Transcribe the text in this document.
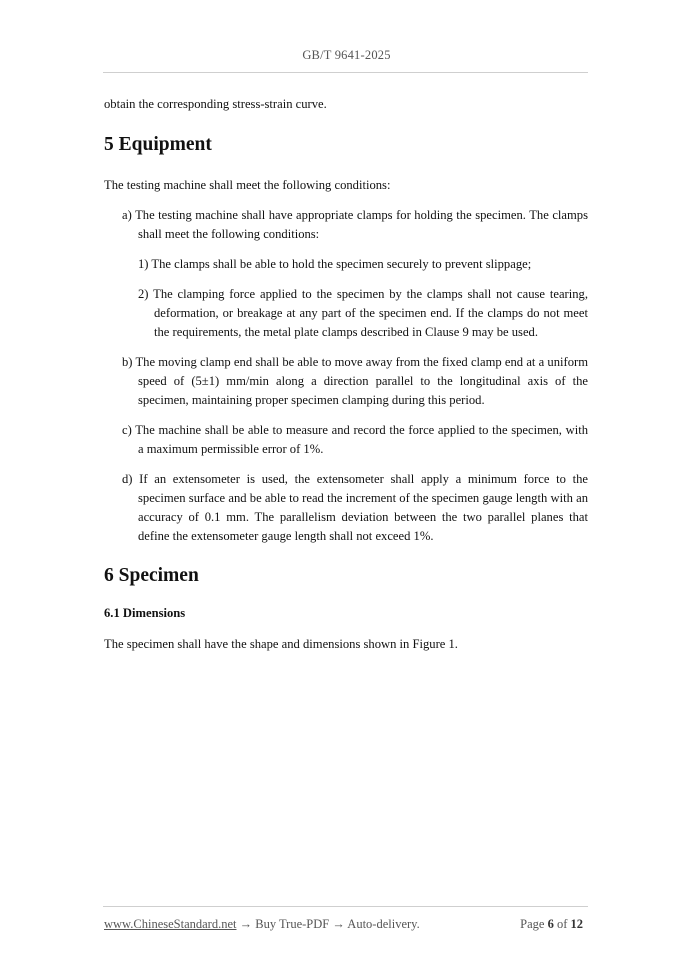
GB/T 9641-2025

obtain the corresponding stress-strain curve.

5 Equipment

The testing machine shall meet the following conditions:

a) The testing machine shall have appropriate clamps for holding the specimen. The clamps shall meet the following conditions:
1) The clamps shall be able to hold the specimen securely to prevent slippage;
2) The clamping force applied to the specimen by the clamps shall not cause tearing, deformation, or breakage at any part of the specimen end. If the clamps do not meet the requirements, the metal plate clamps described in Clause 9 may be used.
b) The moving clamp end shall be able to move away from the fixed clamp end at a uniform speed of (5±1) mm/min along a direction parallel to the longitudinal axis of the specimen, maintaining proper specimen clamping during this period.
c) The machine shall be able to measure and record the force applied to the specimen, with a maximum permissible error of 1%.
d) If an extensometer is used, the extensometer shall apply a minimum force to the specimen surface and be able to read the increment of the specimen gauge length with an accuracy of 0.1 mm. The parallelism deviation between the two parallel planes that define the extensometer gauge length shall not exceed 1%.
6 Specimen
6.1 Dimensions

The specimen shall have the shape and dimensions shown in Figure 1.

www.ChineseStandard.net → Buy True-PDF → Auto-delivery.	Page 6 of 12
